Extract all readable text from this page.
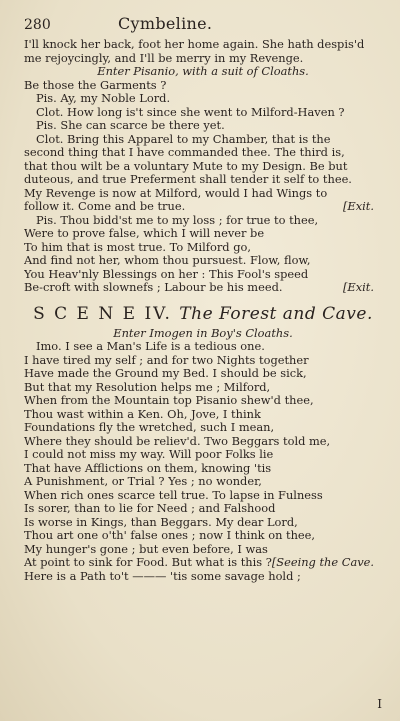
280	Cymbeline.
I'll knock her back, foot her home again. She hath despis'd
me rejoycingly, and I'll be merry in my Revenge.
Enter Pisanio, with a suit of Cloaths.
Be those the Garments ?
Pis. Ay, my Noble Lord.
Clot. How long is't since she went to Milford-Haven ?
Pis. She can scarce be there yet.
Clot. Bring this Apparel to my Chamber, that is the
second thing that I have commanded thee. The third is,
that thou wilt be a voluntary Mute to my Design. Be but
duteous, and true Preferment shall tender it self to thee.
My Revenge is now at Milford, would I had Wings to
follow it. Come and be true.	[Exit.
Pis. Thou bidd'st me to my loss ; for true to thee,
Were to prove false, which I will never be
To him that is most true. To Milford go,
And find not her, whom thou pursuest. Flow, flow,
You Heav'nly Blessings on her : This Fool's speed
Be-croft with slownefs ; Labour be his meed.	[Exit.
S C E N E IV. The Forest and Cave.
Enter Imogen in Boy's Cloaths.
Imo. I see a Man's Life is a tedious one.
I have tired my self ; and for two Nights together
Have made the Ground my Bed. I should be sick,
But that my Resolution helps me ; Milford,
When from the Mountain top Pisanio shew'd thee,
Thou wast within a Ken. Oh, Jove, I think
Foundations fly the wretched, such I mean,
Where they should be reliev'd. Two Beggars told me,
I could not miss my way. Will poor Folks lie
That have Afflictions on them, knowing 'tis
A Punishment, or Trial ? Yes ; no wonder,
When rich ones scarce tell true. To lapse in Fulness
Is sorer, than to lie for Need ; and Falshood
Is worse in Kings, than Beggars. My dear Lord,
Thou art one o'th' false ones ; now I think on thee,
My hunger's gone ; but even before, I was
At point to sink for Food. But what is this ? [Seeing the Cave.
Here is a Path to't ——— 'tis some savage hold ;
I
